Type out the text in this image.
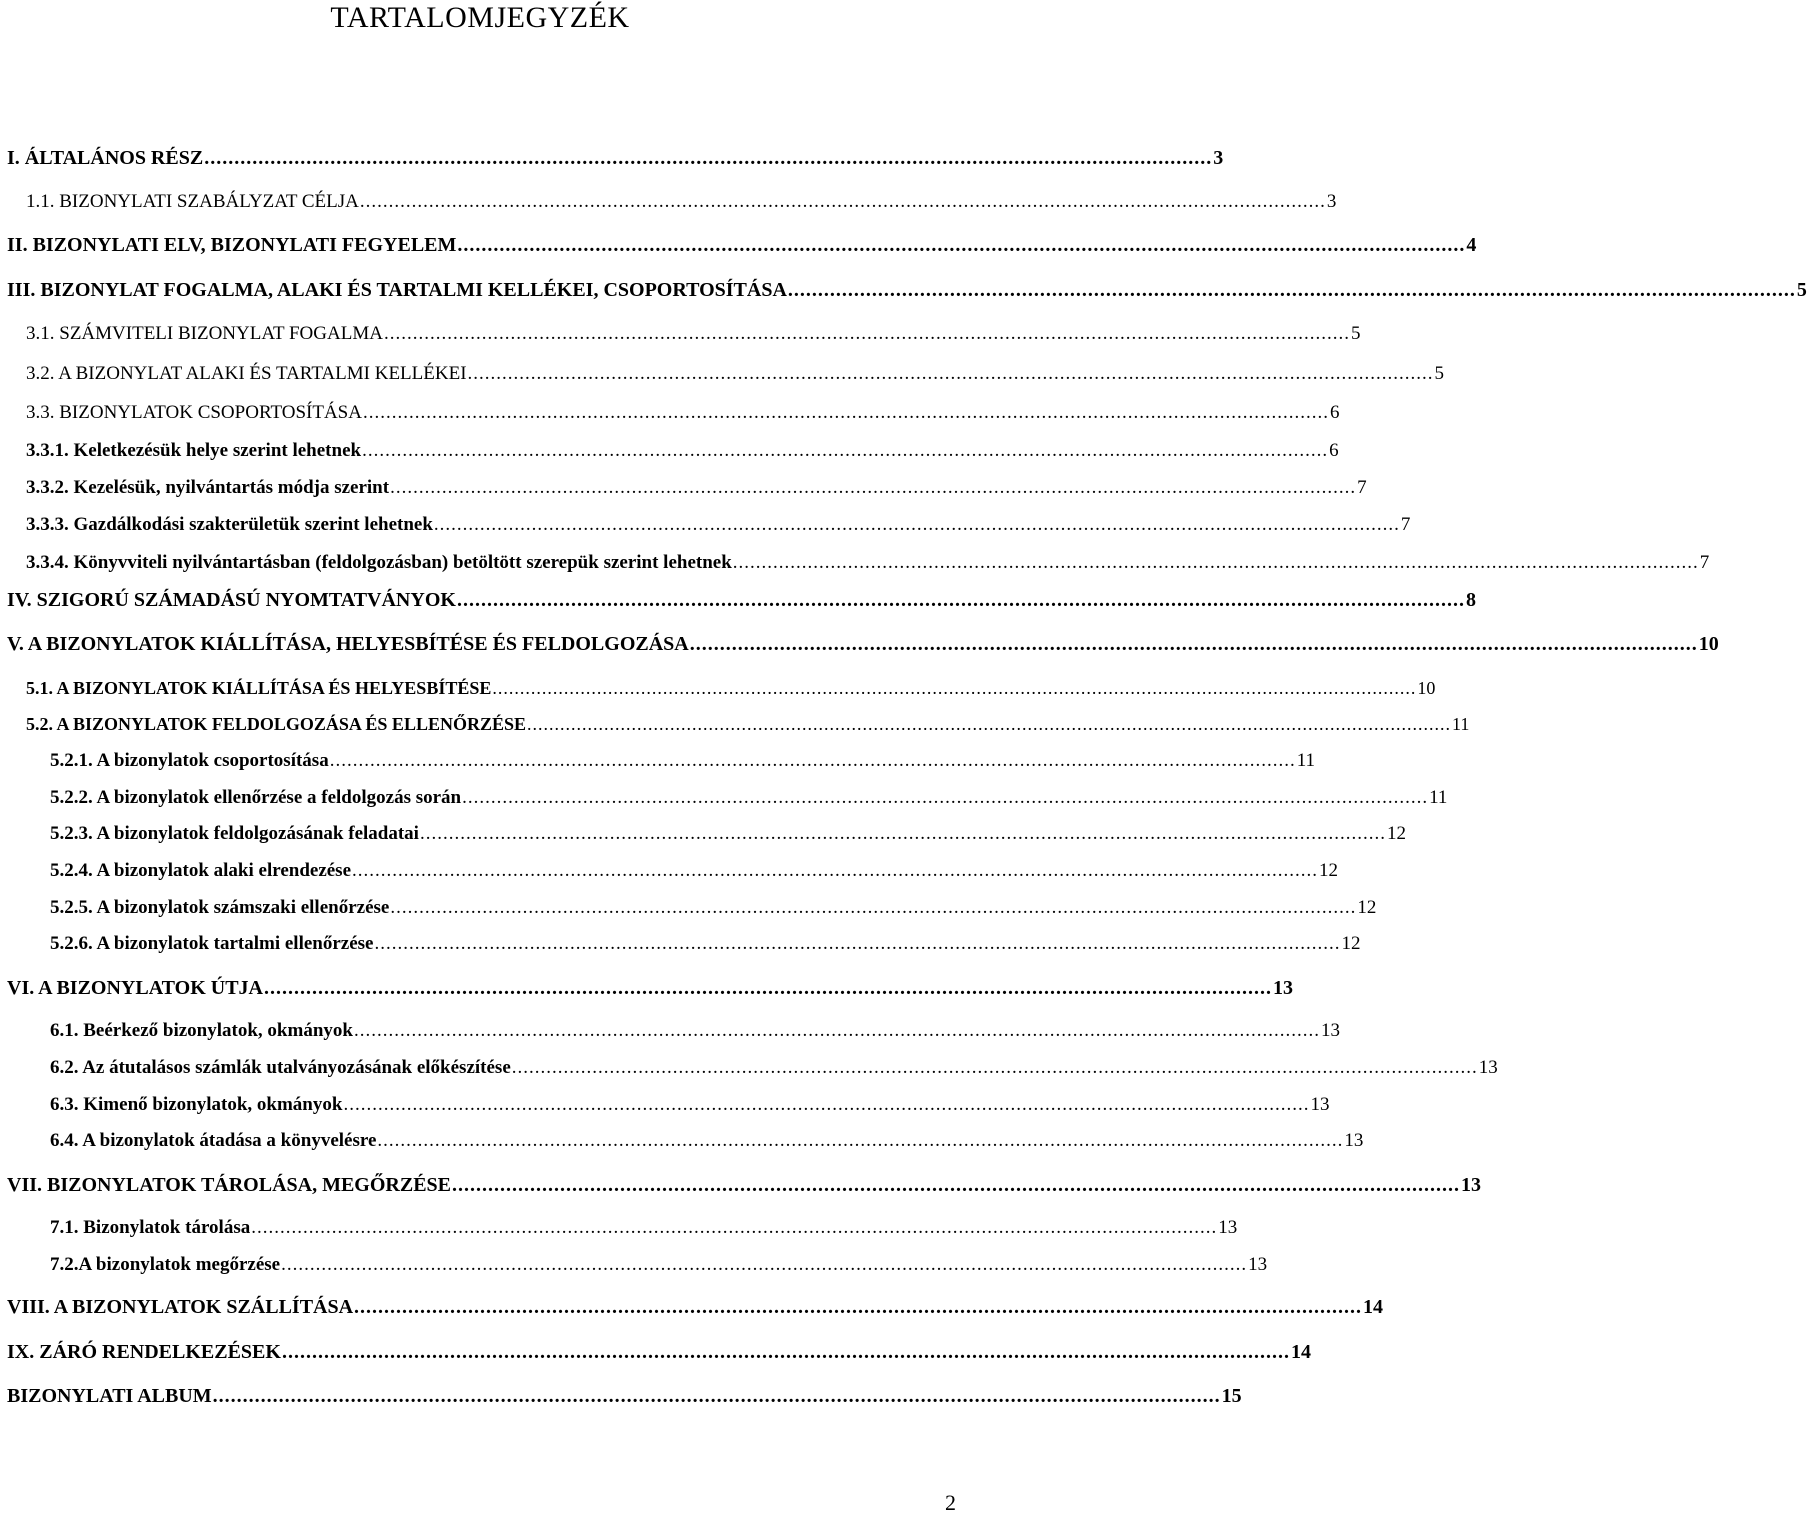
TARTALOMJEGYZÉK
I. ÁLTALÁNOS RÉSZ ........................................................................................................................................................................ 3
1.1. BIZONYLATI SZABÁLYZAT CÉLJA ........................................................................................................................................................................ 3
II. BIZONYLATI ELV, BIZONYLATI FEGYELEM ........................................................................................................................................................................ 4
III. BIZONYLAT FOGALMA, ALAKI ÉS TARTALMI KELLÉKEI, CSOPORTOSÍTÁSA ........................................................................................................................................................................ 5
3.1. SZÁMVITELI BIZONYLAT FOGALMA ........................................................................................................................................................................ 5
3.2. A BIZONYLAT ALAKI ÉS TARTALMI KELLÉKEI ........................................................................................................................................................................ 5
3.3. BIZONYLATOK CSOPORTOSÍTÁSA ........................................................................................................................................................................ 6
3.3.1. Keletkezésük helye szerint lehetnek ........................................................................................................................................................................ 6
3.3.2. Kezelésük, nyilvántartás módja szerint ........................................................................................................................................................................ 7
3.3.3. Gazdálkodási szakterületük szerint lehetnek ........................................................................................................................................................................ 7
3.3.4. Könyvviteli nyilvántartásban (feldolgozásban) betöltött szerepük szerint lehetnek ........................................................................................................................................................................ 7
IV. SZIGORÚ SZÁMADÁSÚ NYOMTATVÁNYOK ........................................................................................................................................................................ 8
V. A BIZONYLATOK KIÁLLÍTÁSA, HELYESBÍTÉSE ÉS FELDOLGOZÁSA ........................................................................................................................................................................ 10
5.1. A BIZONYLATOK KIÁLLÍTÁSA ÉS HELYESBÍTÉSE ........................................................................................................................................................................ 10
5.2. A BIZONYLATOK FELDOLGOZÁSA ÉS ELLENŐRZÉSE ........................................................................................................................................................................ 11
5.2.1. A bizonylatok csoportosítása ........................................................................................................................................................................ 11
5.2.2. A bizonylatok ellenőrzése a feldolgozás során ........................................................................................................................................................................ 11
5.2.3. A bizonylatok feldolgozásának feladatai ........................................................................................................................................................................ 12
5.2.4. A bizonylatok alaki elrendezése ........................................................................................................................................................................ 12
5.2.5. A bizonylatok számszaki ellenőrzése ........................................................................................................................................................................ 12
5.2.6. A bizonylatok tartalmi ellenőrzése ........................................................................................................................................................................ 12
VI. A BIZONYLATOK ÚTJA ........................................................................................................................................................................ 13
6.1. Beérkező bizonylatok, okmányok ........................................................................................................................................................................ 13
6.2. Az átutalásos számlák utalványozásának előkészítése ........................................................................................................................................................................ 13
6.3. Kimenő bizonylatok, okmányok ........................................................................................................................................................................ 13
6.4. A bizonylatok átadása a könyvelésre ........................................................................................................................................................................ 13
VII. BIZONYLATOK TÁROLÁSA, MEGŐRZÉSE ........................................................................................................................................................................ 13
7.1. Bizonylatok tárolása ........................................................................................................................................................................ 13
7.2.A bizonylatok megőrzése ........................................................................................................................................................................ 13
VIII. A BIZONYLATOK SZÁLLÍTÁSA ........................................................................................................................................................................ 14
IX. ZÁRÓ RENDELKEZÉSEK ........................................................................................................................................................................ 14
BIZONYLATI ALBUM ........................................................................................................................................................................ 15
2
